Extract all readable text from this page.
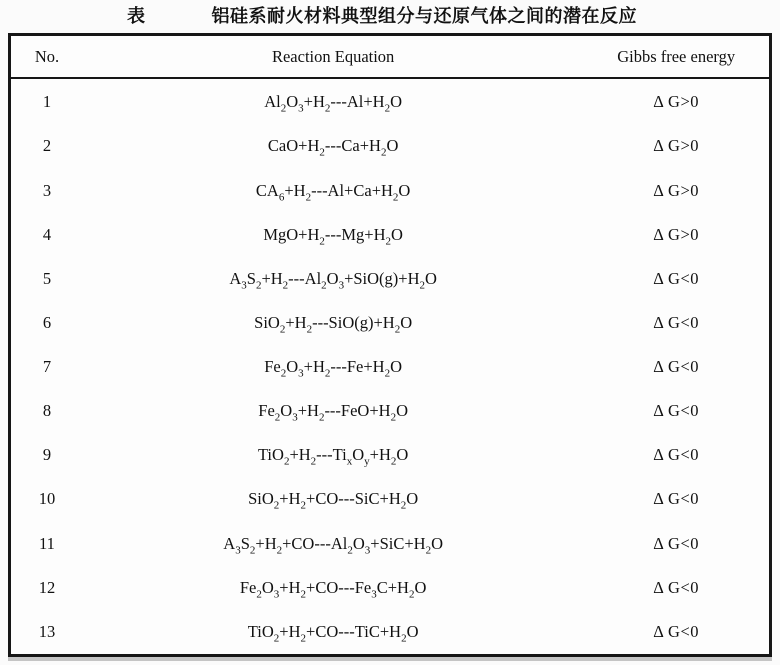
表	铝硅系耐火材料典型组分与还原气体之间的潜在反应
No.	Reaction Equation	Gibbs free energy
1	$Al_2O_3+H_2---Al+H_2O$	Δ G>0
2	$CaO+H_2---Ca+H_2O$	Δ G>0
3	$CA_6+H_2---Al+Ca+H_2O$	Δ G>0
4	$MgO+H_2---Mg+H_2O$	Δ G>0
5	$A_3S_2+H_2---Al_2O_3+SiO(g)+H_2O$	Δ G<0
6	$SiO_2+H_2---SiO(g)+H_2O$	Δ G<0
7	$Fe_2O_3+H_2---Fe+H_2O$	Δ G<0
8	$Fe_2O_3+H_2---FeO+H_2O$	Δ G<0
9	$TiO_2+H_2---Ti_xO_y+H_2O$	Δ G<0
10	$SiO_2+H_2+CO---SiC+H_2O$	Δ G<0
11	$A_3S_2+H_2+CO---Al_2O_3+SiC+H_2O$	Δ G<0
12	$Fe_2O_3+H_2+CO---Fe_3C+H_2O$	Δ G<0
13	$TiO_2+H_2+CO---TiC+H_2O$	Δ G<0
